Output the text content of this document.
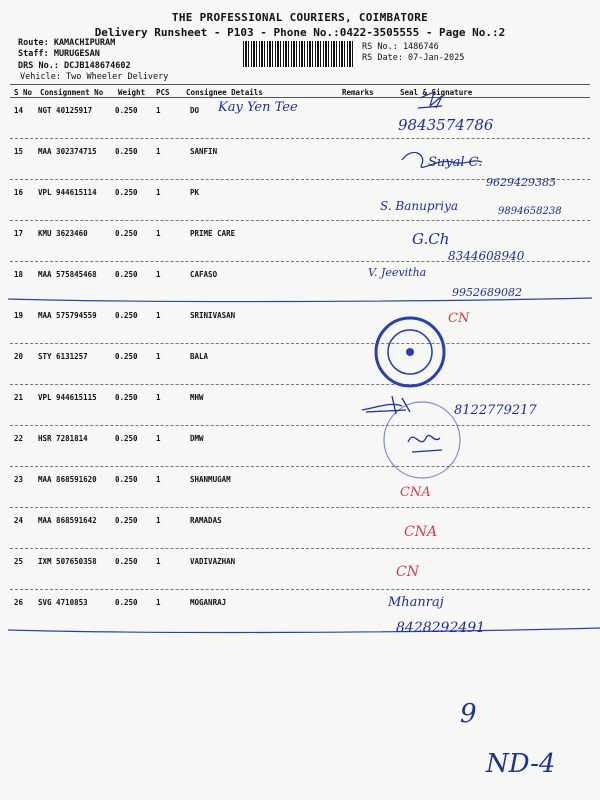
THE PROFESSIONAL COURIERS, COIMBATORE
Delivery Runsheet - P103 - Phone No.:0422-3505555 - Page No.:2
Route: KAMACHIPURAM
Staff: MURUGESAN
DRS No.: DCJB148674602
Vehicle: Two Wheeler Delivery
RS No.: 1486746
RS Date: 07-Jan-2025
S No Consignment No Weight PCS Consignee Details	Remarks	Seal & Signature
14 NGT 40125917	0.250 1	DO
15 MAA 302374715 0.250 1	SANFIN
16 VPL 944615114 0.250 1	PK
17 KMU 3623460	0.250 1	PRIME CARE
18 MAA 575845468 0.250 1	CAFASO
19 MAA 575794559 0.250 1	SRINIVASAN
20 STY 6131257	0.250 1	BALA
21 VPL 944615115 0.250 1	MHW
22 HSR 7281814	0.250 1	DMW
23 MAA 868591620 0.250 1	SHANMUGAM
24 MAA 868591642 0.250 1	RAMADAS
25 IXM 507650358 0.250 1	VADIVAZHAN
26 SVG 4710853	0.250 1	MOGANRAJ
Kay Yen Tee
9843574786
Suyal C.
9629429385
S. Banupriya	9894658238
G.Ch
8344608940
V. Jeevitha
9952689082
CN
8122779217
CNA
CNA
CN
Mhanraj
8428292491
9
ND-4
